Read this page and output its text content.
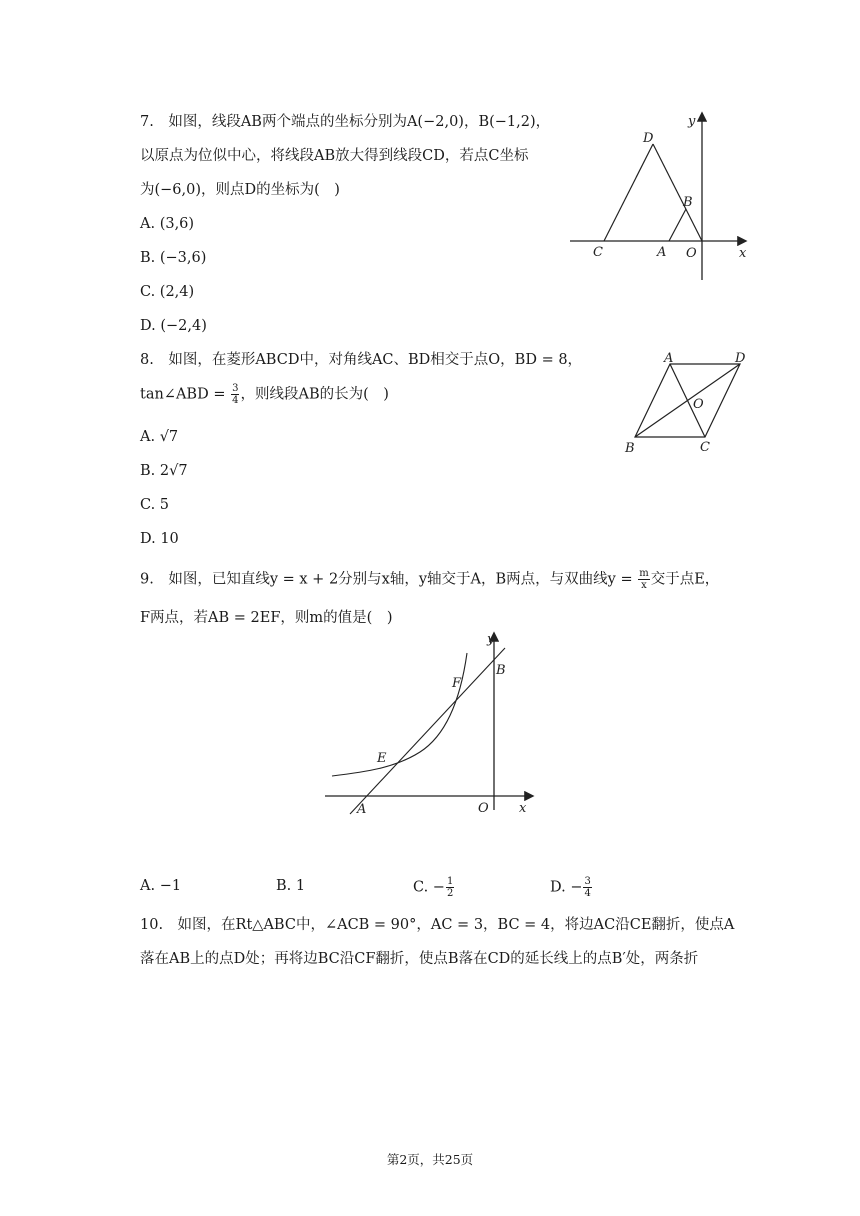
7.　如图，线段AB两个端点的坐标分别为A(−2,0)，B(−1,2)，
以原点为位似中心，将线段AB放大得到线段CD，若点C坐标
为(−6,0)，则点D的坐标为(　)
A. (3,6)
B. (−3,6)
C. (2,4)
D. (−2,4)
D
B
C	A O	x
y
8.　如图，在菱形ABCD中，对角线AC、BD相交于点O，BD = 8，
tan∠ABD = $\frac{3}{4}$ ，则线段AB的长为(　)
A. √7
B. 2√7
C. 5
D. 10
A	D
O
B	C
9.　如图，已知直线y = x + 2分别与x轴，y轴交于A，B两点，与双曲线$y = \frac{m}{x}$ 交于点E，
F两点，若AB = 2EF，则m的值是(　)
y
B
F
E
A	O x
A. −1	B. 1	C. − $\frac{1}{2}$	D. − $\frac{3}{4}$
10.　如图，在Rt△ABC中，∠ACB = 90°，AC = 3，BC = 4，将边AC沿CE翻折，使点A
落在AB上的点D处；再将边BC沿CF翻折，使点B落在CD的延长线上的点B′处，两条折
第2页，共25页
